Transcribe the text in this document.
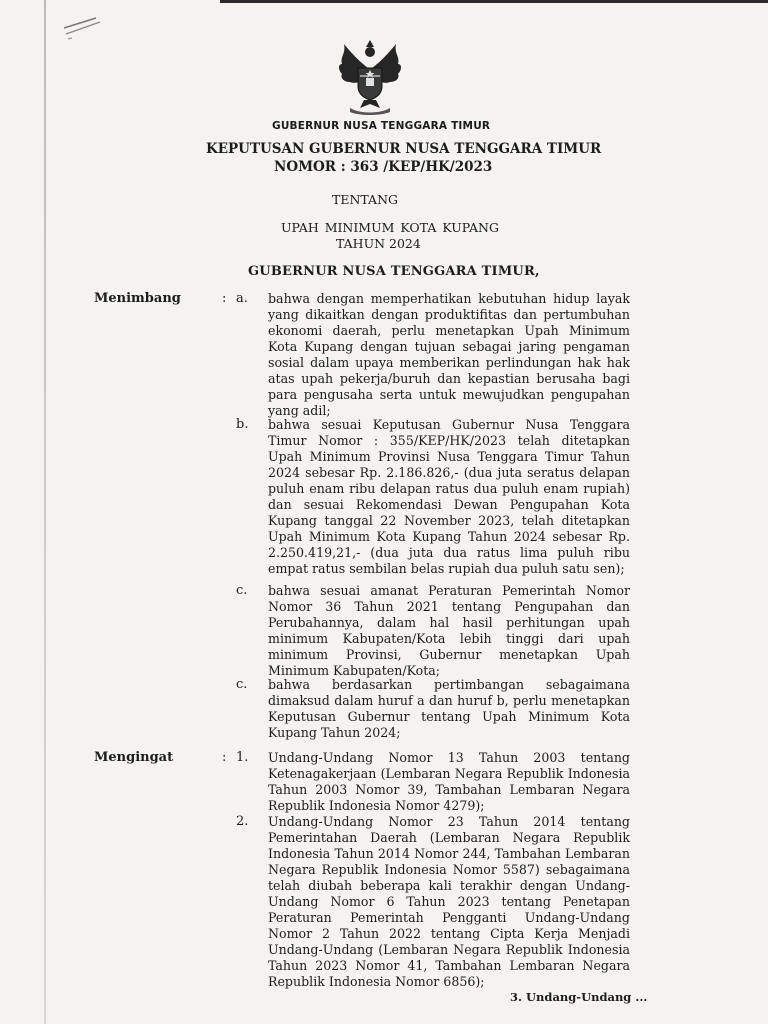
GUBERNUR NUSA TENGGARA TIMUR
KEPUTUSAN GUBERNUR NUSA TENGGARA TIMUR
NOMOR : 363 /KEP/HK/2023
TENTANG
UPAH MINIMUM KOTA KUPANG
TAHUN 2024
GUBERNUR NUSA TENGGARA TIMUR,
Menimbang	: a. bahwa dengan memperhatikan kebutuhan hidup layak yang dikaitkan dengan produktifitas dan pertumbuhan ekonomi daerah, perlu menetapkan Upah Minimum Kota Kupang dengan tujuan sebagai jaring pengaman sosial dalam upaya memberikan perlindungan hak hak atas upah pekerja/buruh dan kepastian berusaha bagi para pengusaha serta untuk mewujudkan pengupahan yang adil;
b. bahwa sesuai Keputusan Gubernur Nusa Tenggara Timur Nomor : 355/KEP/HK/2023 telah ditetapkan Upah Minimum Provinsi Nusa Tenggara Timur Tahun 2024 sebesar Rp. 2.186.826,- (dua juta seratus delapan puluh enam ribu delapan ratus dua puluh enam rupiah) dan sesuai Rekomendasi Dewan Pengupahan Kota Kupang tanggal 22 November 2023, telah ditetapkan Upah Minimum Kota Kupang Tahun 2024 sebesar Rp. 2.250.419,21,- (dua juta dua ratus lima puluh ribu empat ratus sembilan belas rupiah dua puluh satu sen);
c. bahwa sesuai amanat Peraturan Pemerintah Nomor Nomor 36 Tahun 2021 tentang Pengupahan dan Perubahannya, dalam hal hasil perhitungan upah minimum Kabupaten/Kota lebih tinggi dari upah minimum Provinsi, Gubernur menetapkan Upah Minimum Kabupaten/Kota;
c. bahwa berdasarkan pertimbangan sebagaimana dimaksud dalam huruf a dan huruf b, perlu menetapkan Keputusan Gubernur tentang Upah Minimum Kota Kupang Tahun 2024;
Mengingat	: 1. Undang-Undang Nomor 13 Tahun 2003 tentang Ketenagakerjaan (Lembaran Negara Republik Indonesia Tahun 2003 Nomor 39, Tambahan Lembaran Negara Republik Indonesia Nomor 4279);
2. Undang-Undang Nomor 23 Tahun 2014 tentang Pemerintahan Daerah (Lembaran Negara Republik Indonesia Tahun 2014 Nomor 244, Tambahan Lembaran Negara Republik Indonesia Nomor 5587) sebagaimana telah diubah beberapa kali terakhir dengan Undang-Undang Nomor 6 Tahun 2023 tentang Penetapan Peraturan Pemerintah Pengganti Undang-Undang Nomor 2 Tahun 2022 tentang Cipta Kerja Menjadi Undang-Undang (Lembaran Negara Republik Indonesia Tahun 2023 Nomor 41, Tambahan Lembaran Negara Republik Indonesia Nomor 6856);
3. Undang-Undang ...
